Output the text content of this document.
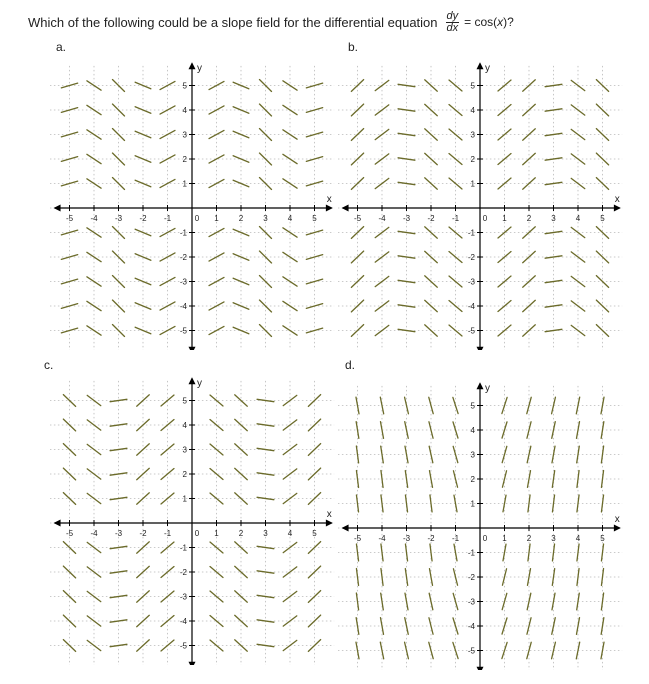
Which of the following could be a slope field for the differential equation $\frac{dy}{dx} = \cos(x)$?
a.
-5 -4 -3 -2 -1	0 1	2	3	4	5
5
4
3
2
1
-1
-2
-3
-4
-5
x
y
b.
-5 -4 -3 -2 -1	0 1	2	3	4	5
5
4
3
2
1
-1
-2
-3
-4
-5
x
y
c.
-5 -4 -3 -2 -1	0 1	2	3	4	5
5
4
3
2
1
-1
-2
-3
-4
-5
x
y
d.
-5 -4 -3 -2 -1	0 1	2	3	4	5
5
4
3
2
1
-1
-2
-3
-4
-5
x
y
